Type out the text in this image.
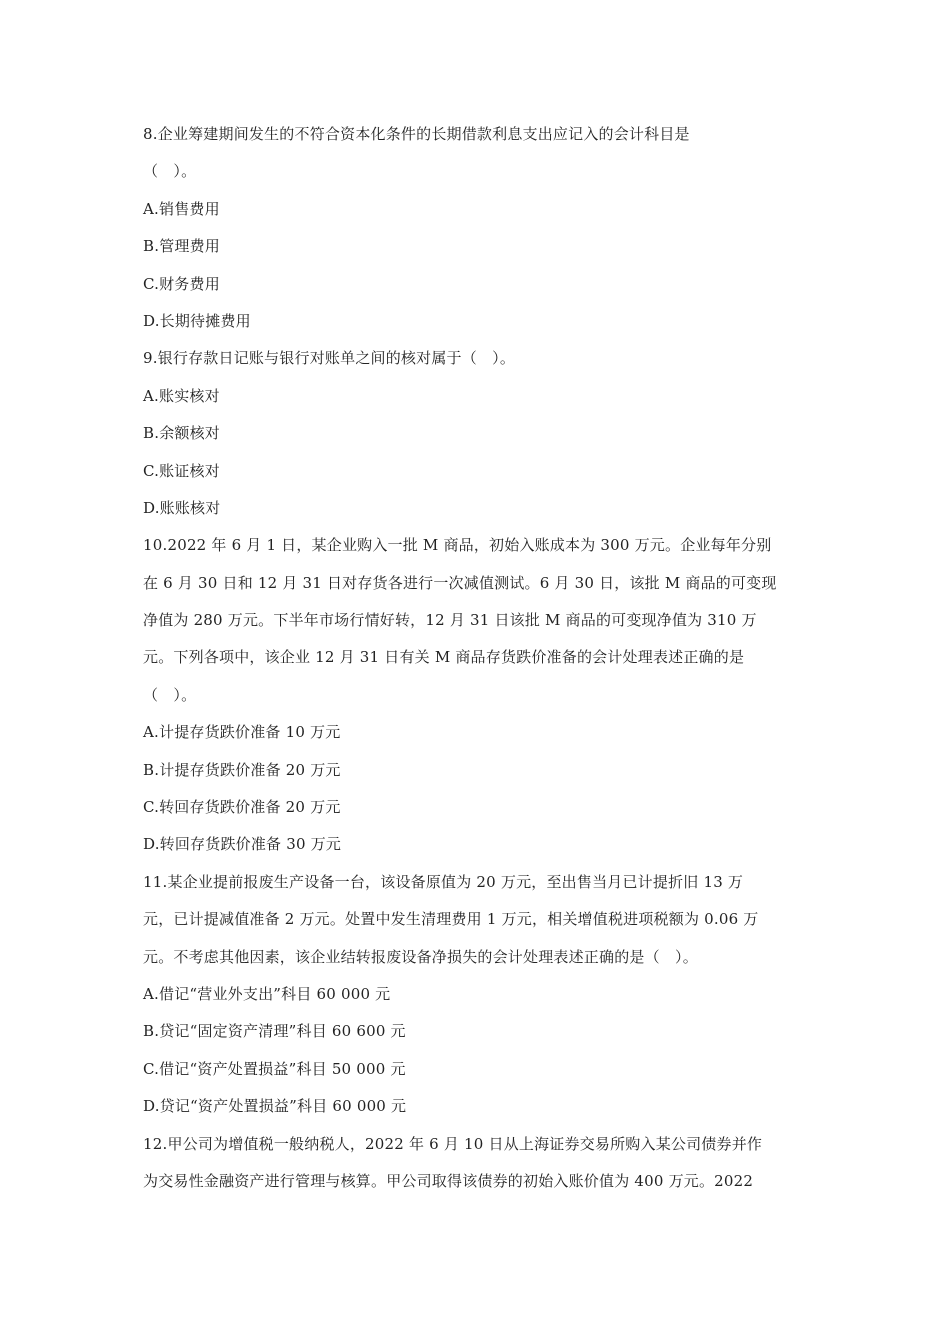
8.企业筹建期间发生的不符合资本化条件的长期借款利息支出应记入的会计科目是
（　）。
A.销售费用
B.管理费用
C.财务费用
D.长期待摊费用
9.银行存款日记账与银行对账单之间的核对属于（　）。
A.账实核对
B.余额核对
C.账证核对
D.账账核对
10.2022 年 6 月 1 日，某企业购入一批 M 商品，初始入账成本为 300 万元。企业每年分别
在 6 月 30 日和 12 月 31 日对存货各进行一次减值测试。6 月 30 日，该批 M 商品的可变现
净值为 280 万元。下半年市场行情好转，12 月 31 日该批 M 商品的可变现净值为 310 万
元。下列各项中，该企业 12 月 31 日有关 M 商品存货跌价准备的会计处理表述正确的是
（　）。
A.计提存货跌价准备 10 万元
B.计提存货跌价准备 20 万元
C.转回存货跌价准备 20 万元
D.转回存货跌价准备 30 万元
11.某企业提前报废生产设备一台，该设备原值为 20 万元，至出售当月已计提折旧 13 万
元，已计提减值准备 2 万元。处置中发生清理费用 1 万元，相关增值税进项税额为 0.06 万
元。不考虑其他因素，该企业结转报废设备净损失的会计处理表述正确的是（　）。
A.借记“营业外支出”科目 60 000 元
B.贷记“固定资产清理”科目 60 600 元
C.借记“资产处置损益”科目 50 000 元
D.贷记“资产处置损益”科目 60 000 元
12.甲公司为增值税一般纳税人，2022 年 6 月 10 日从上海证券交易所购入某公司债券并作
为交易性金融资产进行管理与核算。甲公司取得该债券的初始入账价值为 400 万元。2022
